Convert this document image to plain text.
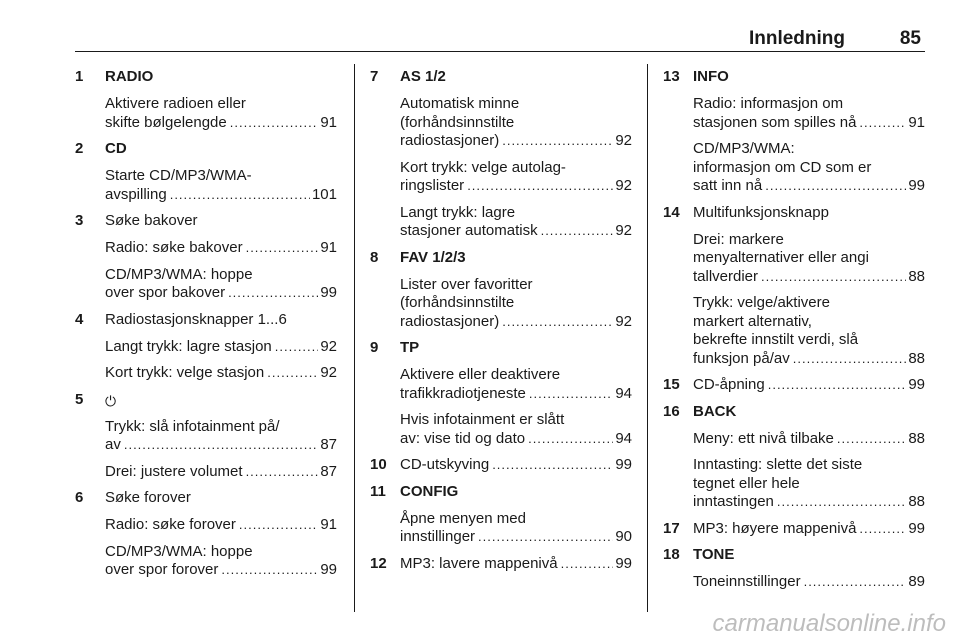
Innledning	85
1 RADIO
Aktivere radioen eller
skifte bølgelengde .....	91
2 CD
Starte CD/MP3/WMA-
avspilling .....	101
3 Søke bakover
Radio: søke bakover .....	91
CD/MP3/WMA: hoppe
over spor bakover .....	99
4 Radiostasjonsknapper 1...6
Langt trykk: lagre stasjon .....	92
Kort trykk: velge stasjon .....	92
5 ⏻
Trykk: slå infotainment på/
av .....	87
Drei: justere volumet .....	87
6 Søke forover
Radio: søke forover .....	91
CD/MP3/WMA: hoppe
over spor forover .....	99
7 AS 1/2
Automatisk minne
(forhåndsinnstilte
radiostasjoner) .....	92
Kort trykk: velge autolag-
ringslister .....	92
Langt trykk: lagre
stasjoner automatisk .....	92
8 FAV 1/2/3
Lister over favoritter
(forhåndsinnstilte
radiostasjoner) .....	92
9 TP
Aktivere eller deaktivere
trafikkradiotjeneste .....	94
Hvis infotainment er slått
av: vise tid og dato .....	94
10 CD-utskyving .....	99
11 CONFIG
Åpne menyen med
innstillinger .....	90
12 MP3: lavere mappenivå .....	99
13 INFO
Radio: informasjon om
stasjonen som spilles nå .....	91
CD/MP3/WMA:
informasjon om CD som er
satt inn nå .....	99
14 Multifunksjonsknapp
Drei: markere
menyalternativer eller angi
tallverdier .....	88
Trykk: velge/aktivere
markert alternativ,
bekrefte innstilt verdi, slå
funksjon på/av .....	88
15 CD-åpning .....	99
16 BACK
Meny: ett nivå tilbake .....	88
Inntasting: slette det siste
tegnet eller hele
inntastingen .....	88
17 MP3: høyere mappenivå .....	99
18 TONE
Toneinnstillinger .....	89
carmanualsonline.info
